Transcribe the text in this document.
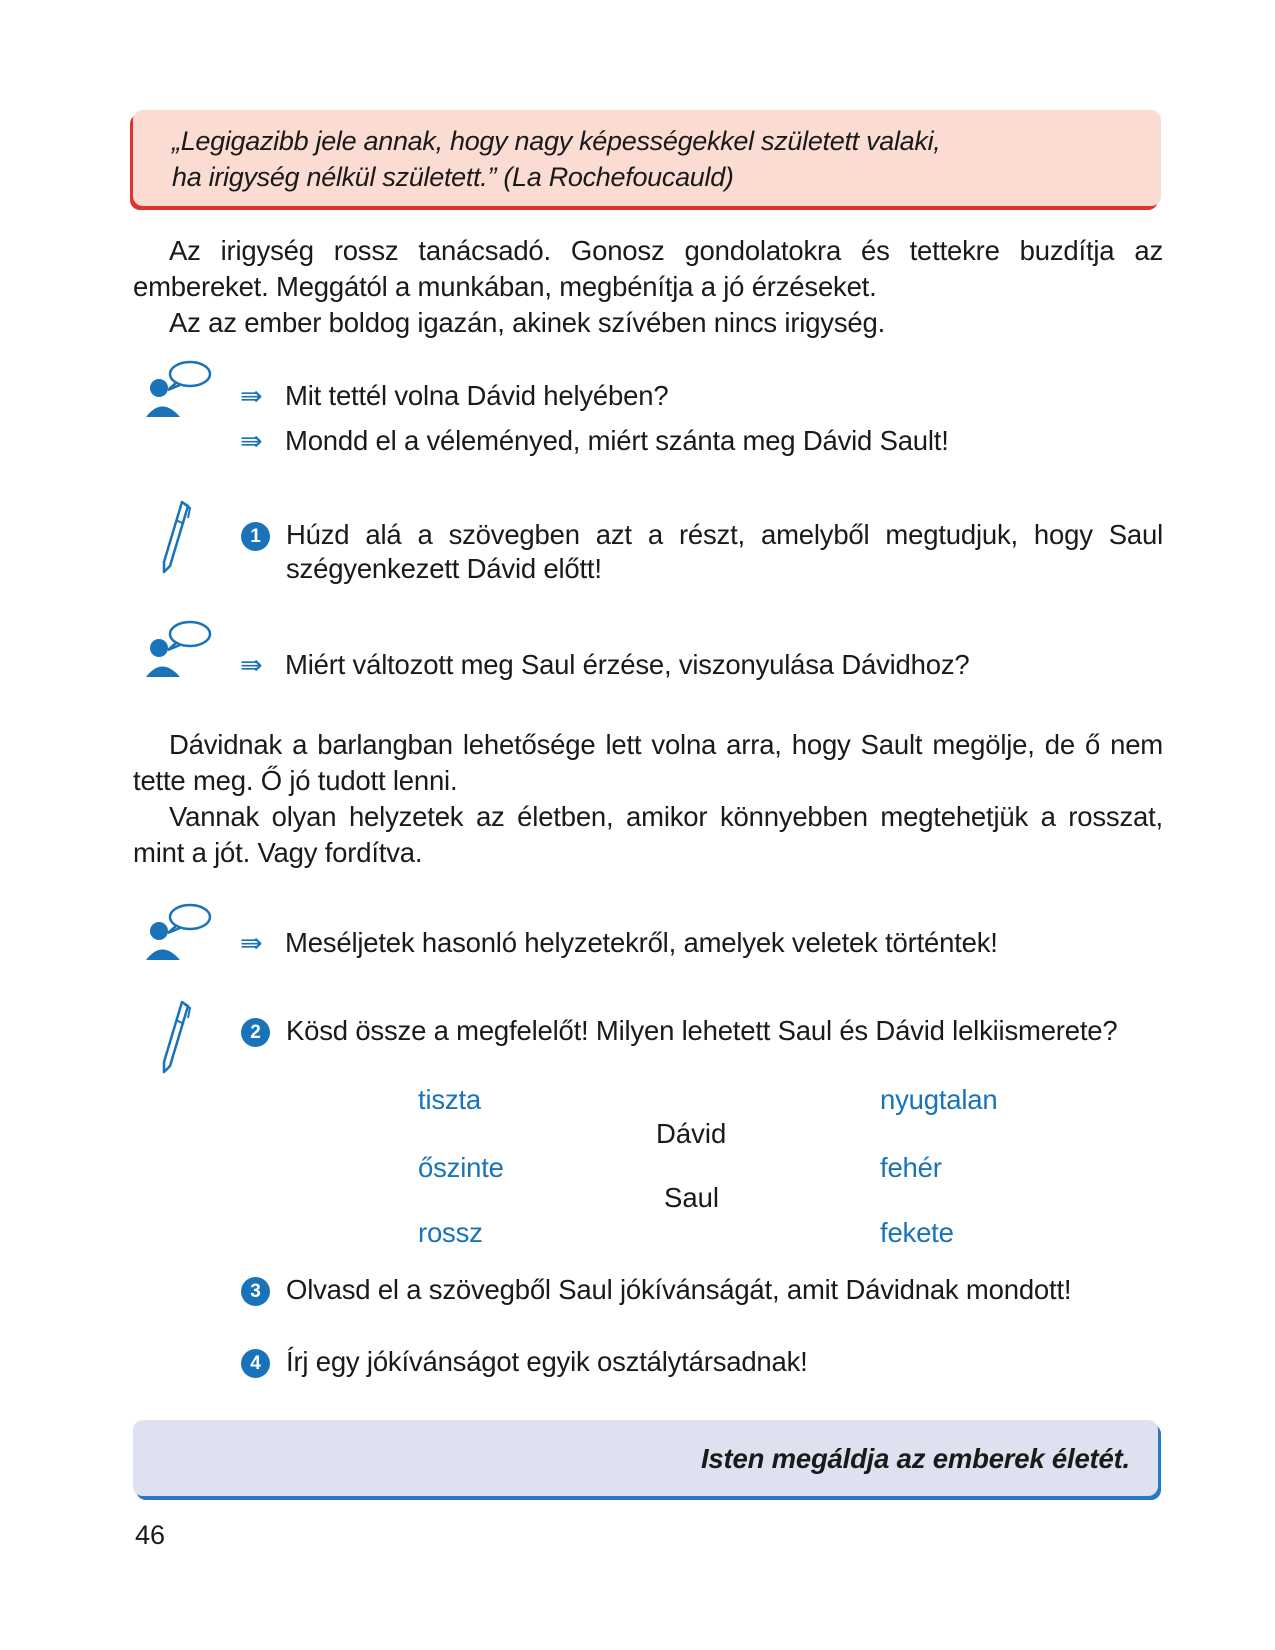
„Legigazibb jele annak, hogy nagy képességekkel született valaki,
ha irigység nélkül született.” (La Rochefoucauld)

Az irigység rossz tanácsadó. Gonosz gondolatokra és tettekre buzdítja az embereket. Meggától a munkában, megbénítja a jó érzéseket.

Az az ember boldog igazán, akinek szívében nincs irigység.

⇛ Mit tettél volna Dávid helyében?
⇛ Mondd el a véleményed, miért szánta meg Dávid Sault!
1 Húzd alá a szövegben azt a részt, amelyből megtudjuk, hogy Saul szégyenkezett Dávid előtt!
⇛ Miért változott meg Saul érzése, viszonyulása Dávidhoz?

Dávidnak a barlangban lehetősége lett volna arra, hogy Sault megölje, de ő nem tette meg. Ő jó tudott lenni.

Vannak olyan helyzetek az életben, amikor könnyebben megtehetjük a rosszat, mint a jót. Vagy fordítva.

⇛ Meséljetek hasonló helyzetekről, amelyek veletek történtek!
2 Kösd össze a megfelelőt! Milyen lehetett Saul és Dávid lelkiismerete?
tiszta
őszinte
rossz
Dávid
Saul
nyugtalan
fehér
fekete
3 Olvasd el a szövegből Saul jókívánságát, amit Dávidnak mondott!
4 Írj egy jókívánságot egyik osztálytársadnak!
Isten megáldja az emberek életét.
46
